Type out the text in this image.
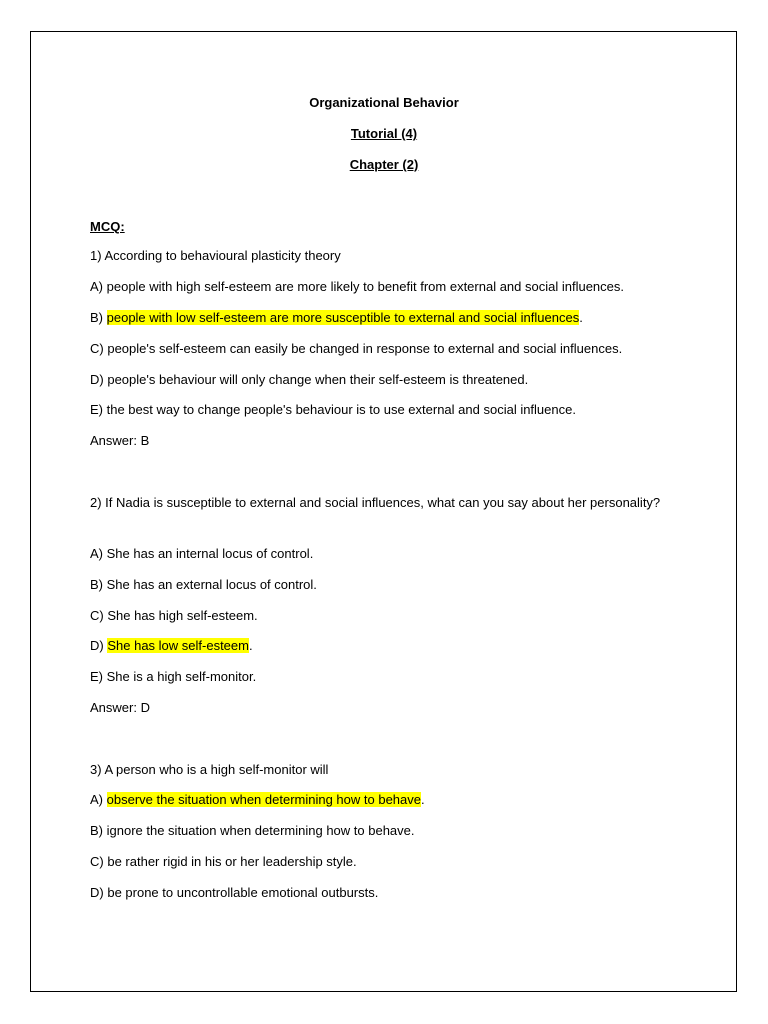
Organizational Behavior
Tutorial (4)
Chapter (2)
MCQ:
1) According to behavioural plasticity theory
A) people with high self-esteem are more likely to benefit from external and social influences.
B) people with low self-esteem are more susceptible to external and social influences.
C) people's self-esteem can easily be changed in response to external and social influences.
D) people's behaviour will only change when their self-esteem is threatened.
E) the best way to change people's behaviour is to use external and social influence.
Answer: B
2) If Nadia is susceptible to external and social influences, what can you say about her personality?
A) She has an internal locus of control.
B) She has an external locus of control.
C) She has high self-esteem.
D) She has low self-esteem.
E) She is a high self-monitor.
Answer: D
3) A person who is a high self-monitor will
A) observe the situation when determining how to behave.
B) ignore the situation when determining how to behave.
C) be rather rigid in his or her leadership style.
D) be prone to uncontrollable emotional outbursts.
